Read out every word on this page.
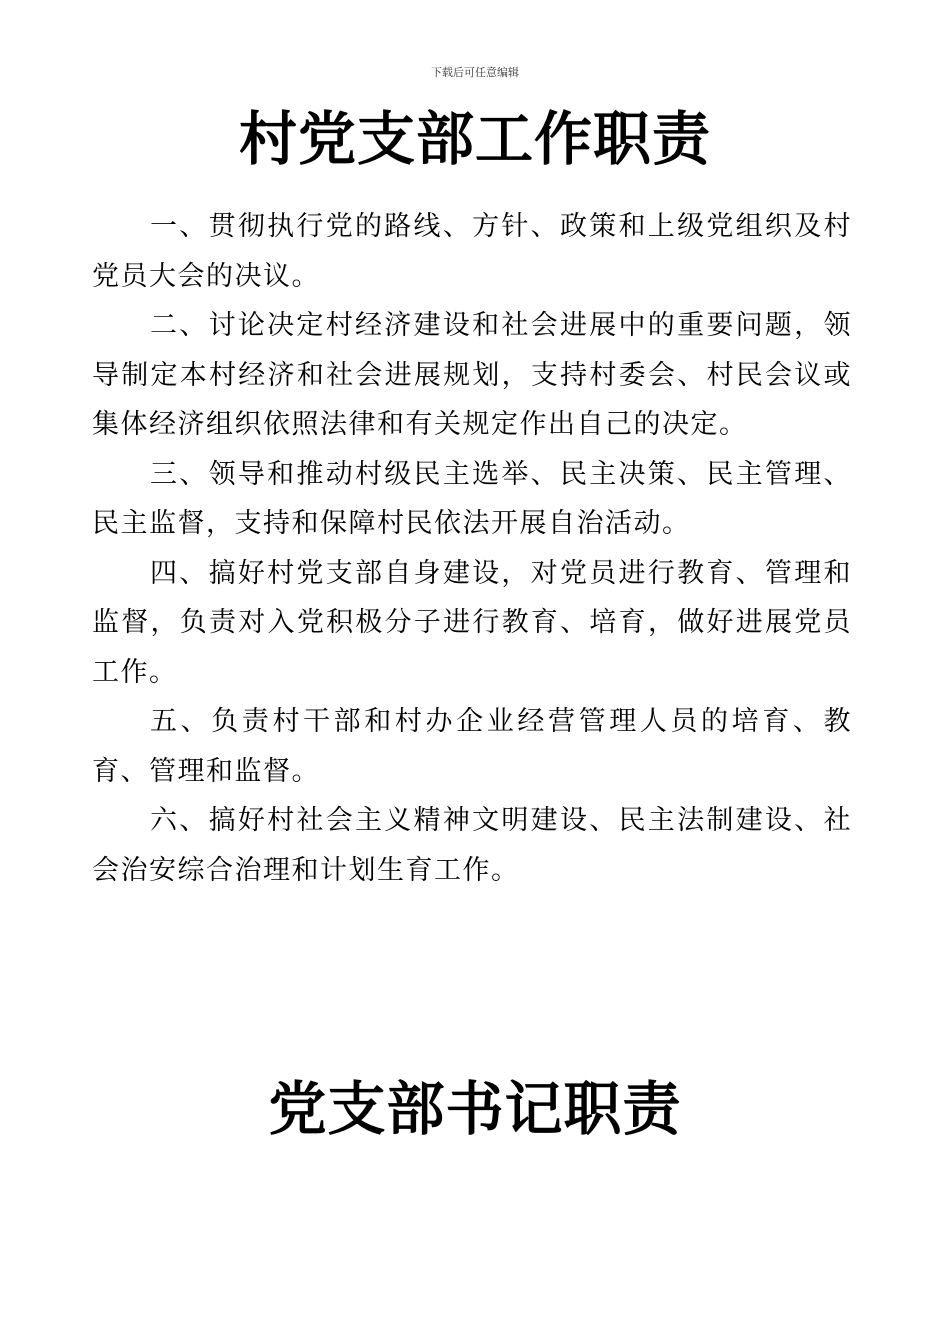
下载后可任意编辑
村党支部工作职责

一、贯彻执行党的路线、方针、政策和上级党组织及村党员大会的决议。

二、讨论决定村经济建设和社会进展中的重要问题，领导制定本村经济和社会进展规划，支持村委会、村民会议或集体经济组织依照法律和有关规定作出自己的决定。

三、领导和推动村级民主选举、民主决策、民主管理、民主监督，支持和保障村民依法开展自治活动。

四、搞好村党支部自身建设，对党员进行教育、管理和监督，负责对入党积极分子进行教育、培育，做好进展党员工作。

五、负责村干部和村办企业经营管理人员的培育、教育、管理和监督。

六、搞好村社会主义精神文明建设、民主法制建设、社会治安综合治理和计划生育工作。

党支部书记职责
